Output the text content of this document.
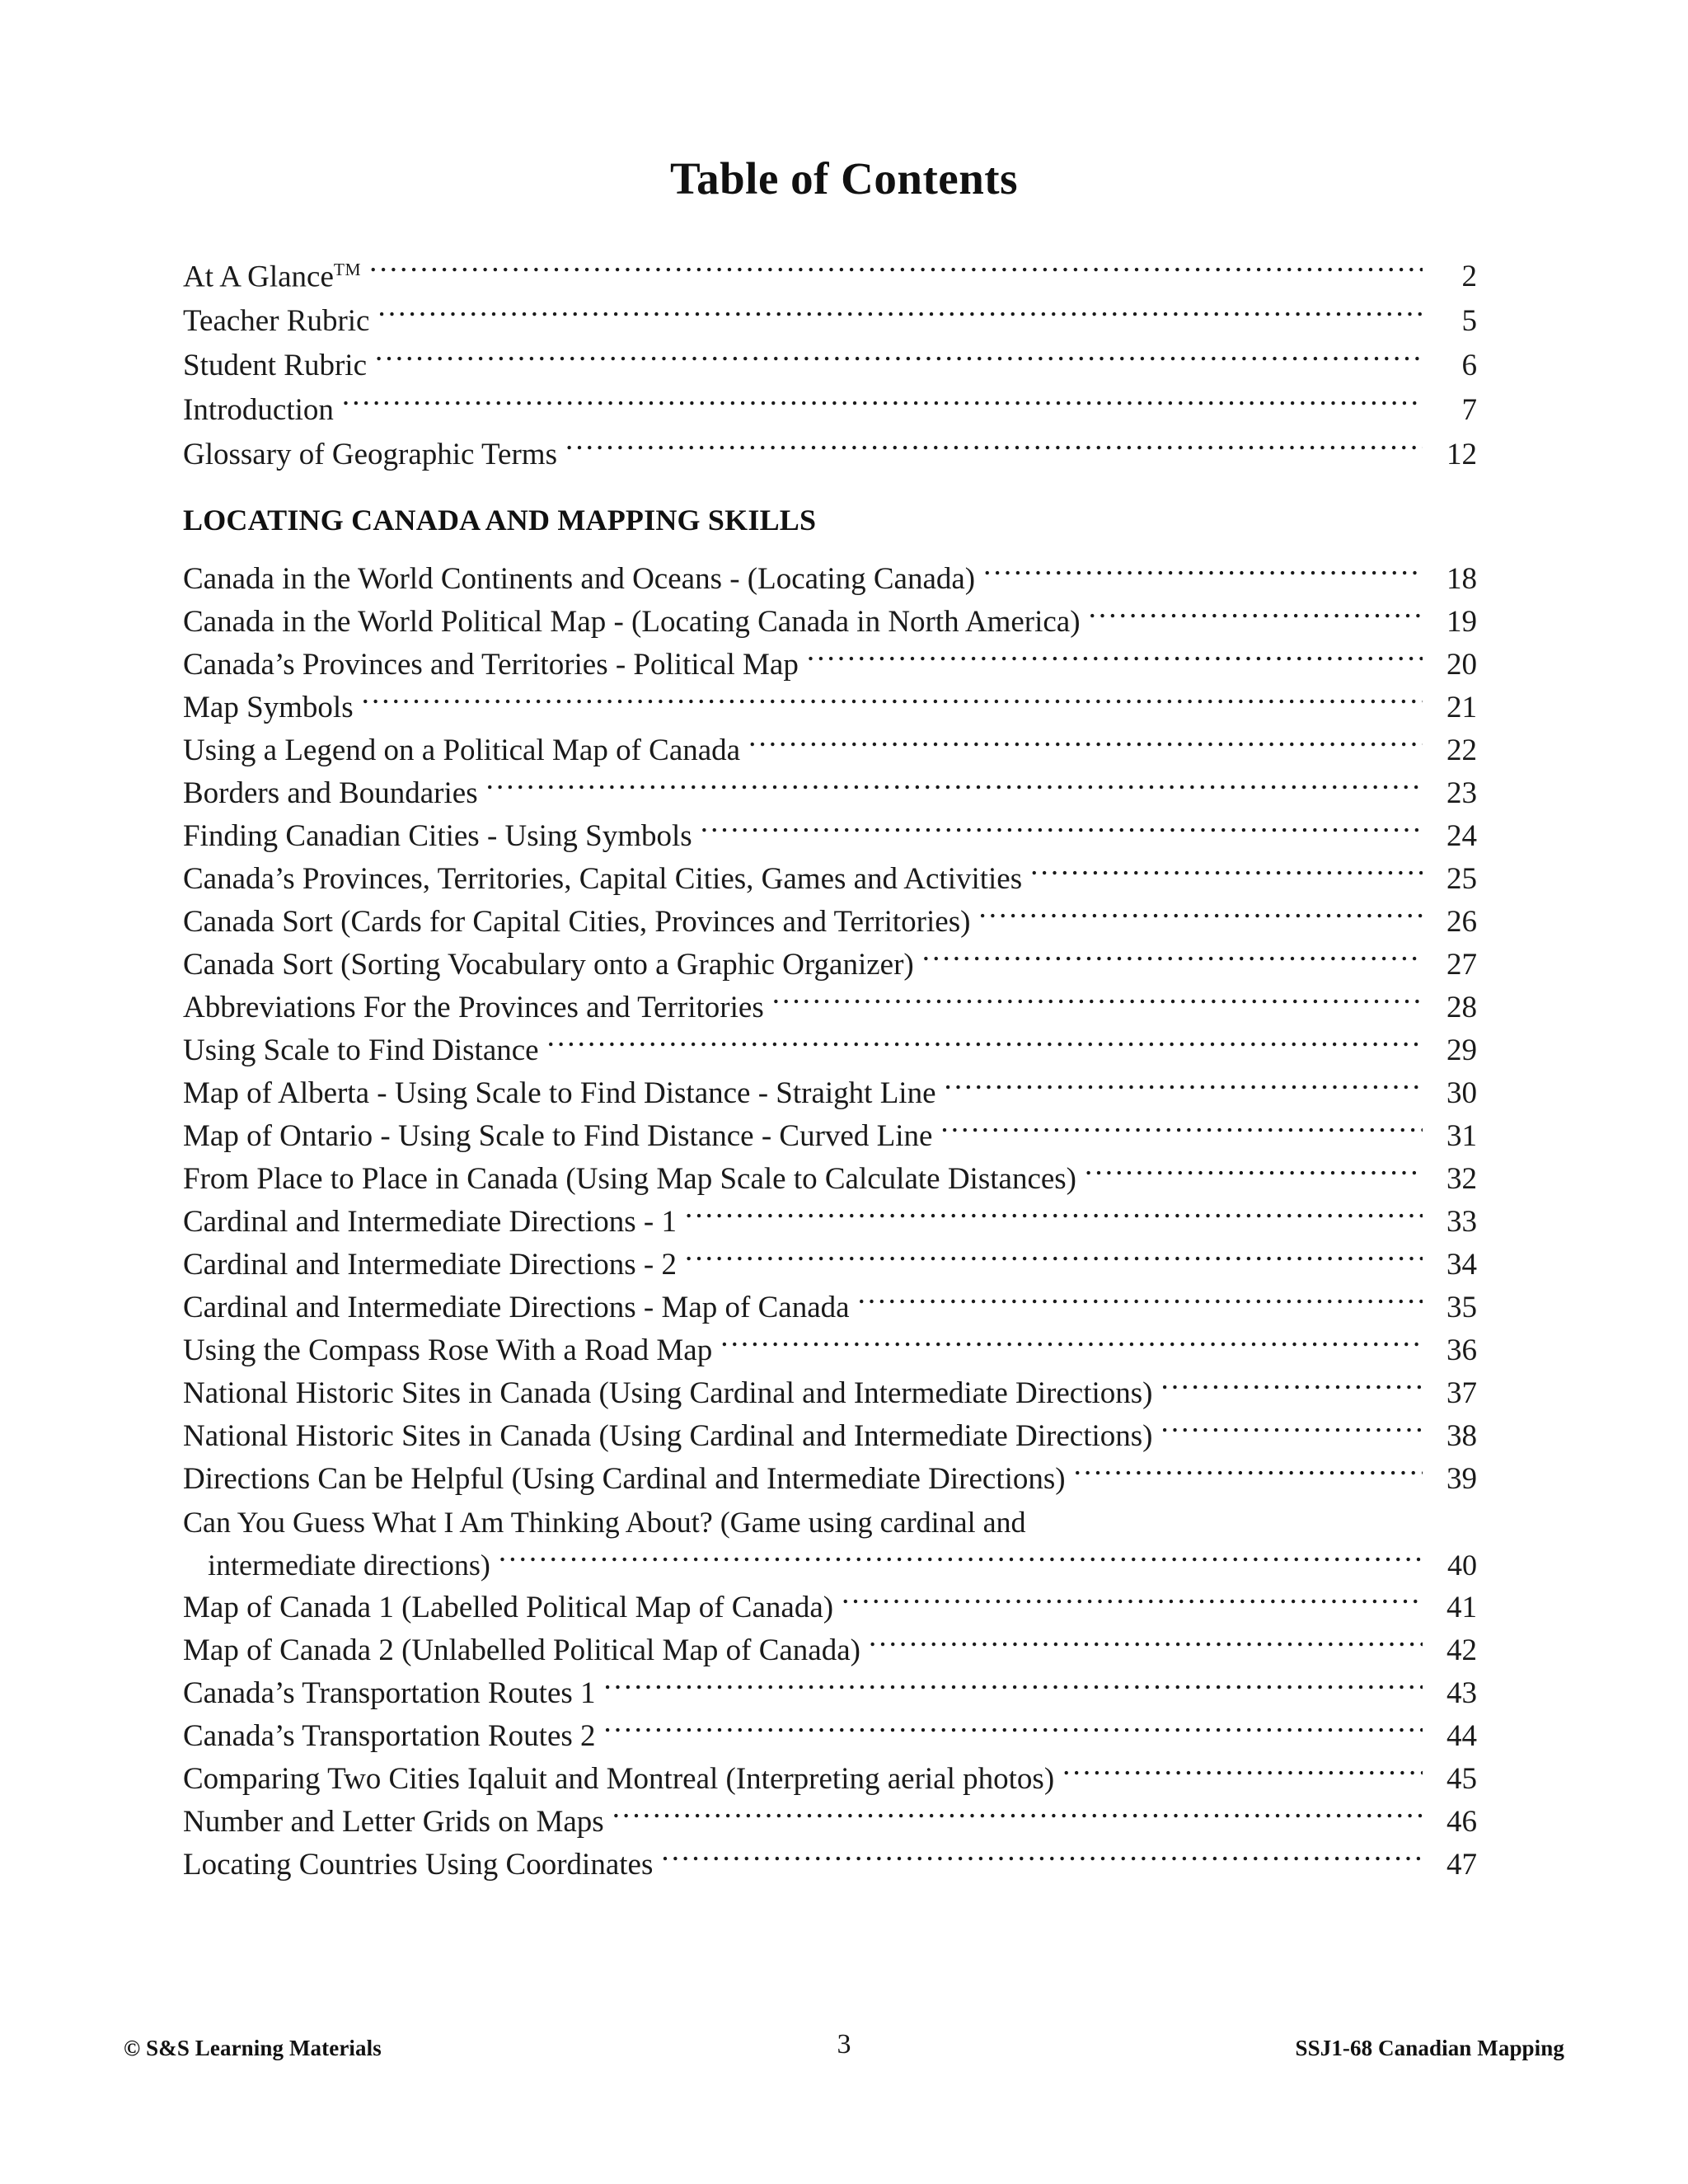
Table of Contents
At A Glance™ .....	2
Teacher Rubric .....	5
Student Rubric .....	6
Introduction .....	7
Glossary of Geographic Terms .....	12
LOCATING CANADA AND MAPPING SKILLS
Canada in the World Continents and Oceans - (Locating Canada) .....	18
Canada in the World Political Map - (Locating Canada in North America) .....	19
Canada’s Provinces and Territories - Political Map .....	20
Map Symbols .....	21
Using a Legend on a Political Map of Canada .....	22
Borders and Boundaries .....	23
Finding Canadian Cities - Using Symbols .....	24
Canada’s Provinces, Territories, Capital Cities, Games and Activities .....	25
Canada Sort (Cards for Capital Cities, Provinces and Territories) .....	26
Canada Sort (Sorting Vocabulary onto a Graphic Organizer) .....	27
Abbreviations For the Provinces and Territories .....	28
Using Scale to Find Distance .....	29
Map of Alberta - Using Scale to Find Distance - Straight Line .....	30
Map of Ontario - Using Scale to Find Distance - Curved Line .....	31
From Place to Place in Canada (Using Map Scale to Calculate Distances) .....	32
Cardinal and Intermediate Directions - 1 .....	33
Cardinal and Intermediate Directions - 2 .....	34
Cardinal and Intermediate Directions - Map of Canada .....	35
Using the Compass Rose With a Road Map .....	36
National Historic Sites in Canada (Using Cardinal and Intermediate Directions) .....	37
National Historic Sites in Canada (Using Cardinal and Intermediate Directions) .....	38
Directions Can be Helpful (Using Cardinal and Intermediate Directions) .....	39
Can You Guess What I Am Thinking About? (Game using cardinal and
intermediate directions) .....	40
Map of Canada 1 (Labelled Political Map of Canada) .....	41
Map of Canada 2 (Unlabelled Political Map of Canada) .....	42
Canada’s Transportation Routes 1 .....	43
Canada’s Transportation Routes 2 .....	44
Comparing Two Cities Iqaluit and Montreal (Interpreting aerial photos) .....	45
Number and Letter Grids on Maps .....	46
Locating Countries Using Coordinates .....	47
© S&S Learning Materials	3	SSJ1-68 Canadian Mapping
